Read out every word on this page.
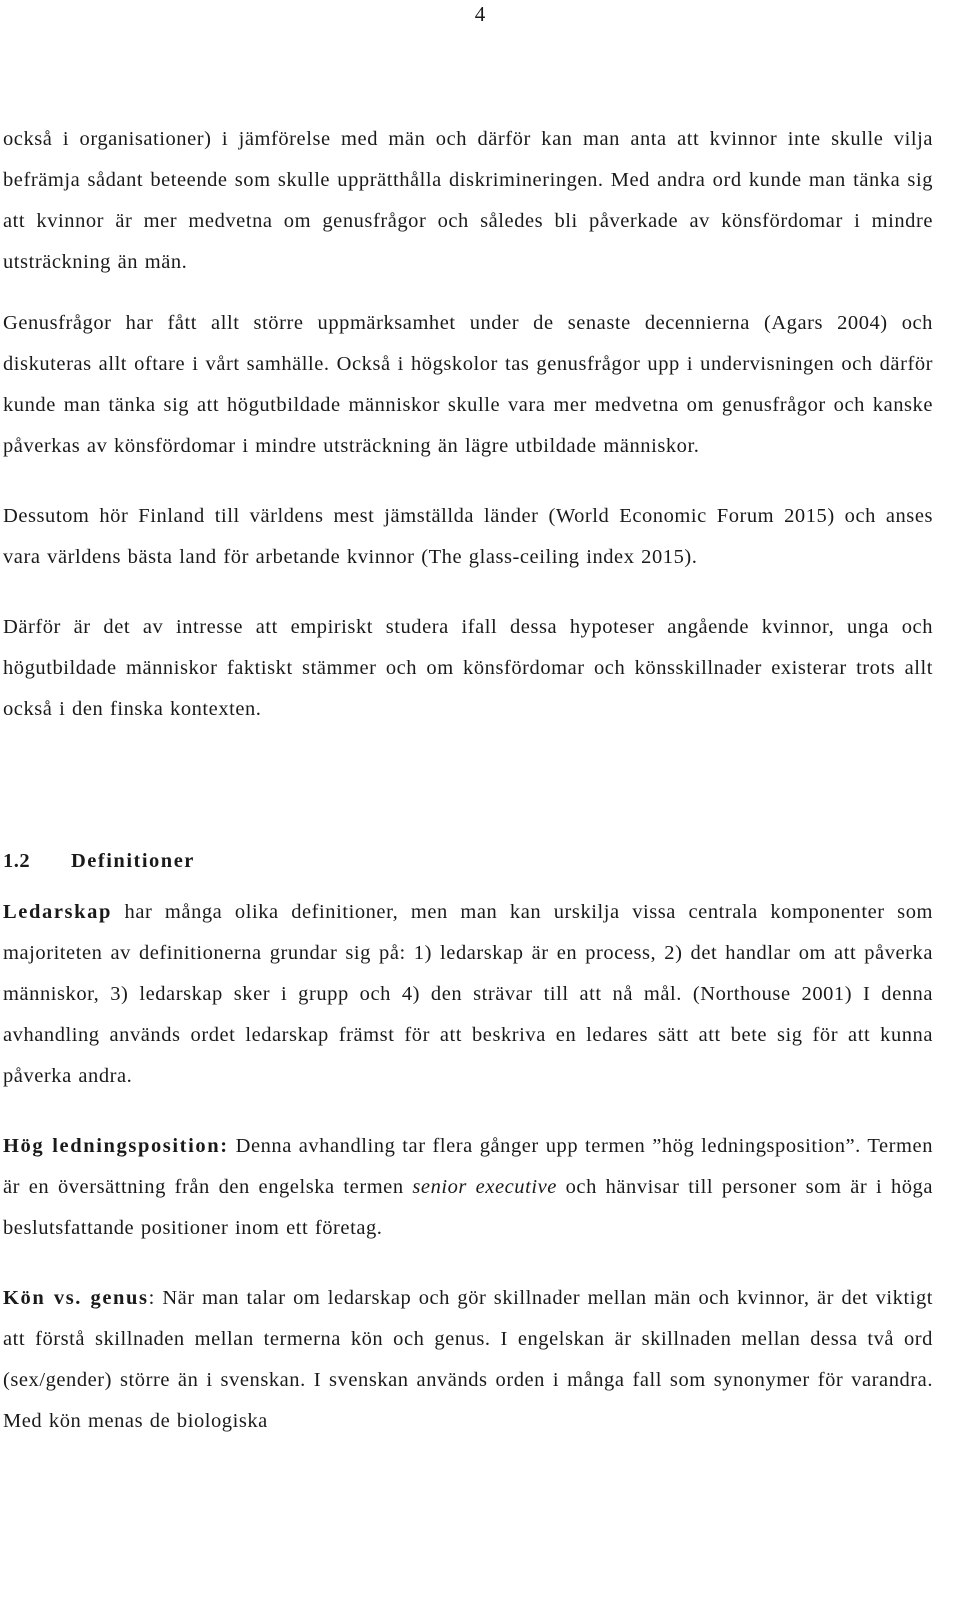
4

också i organisationer) i jämförelse med män och därför kan man anta att kvinnor inte skulle vilja befrämja sådant beteende som skulle upprätthålla diskrimineringen. Med andra ord kunde man tänka sig att kvinnor är mer medvetna om genusfrågor och således bli påverkade av könsfördomar i mindre utsträckning än män.

Genusfrågor har fått allt större uppmärksamhet under de senaste decennierna (Agars 2004) och diskuteras allt oftare i vårt samhälle. Också i högskolor tas genusfrågor upp i undervisningen och därför kunde man tänka sig att högutbildade människor skulle vara mer medvetna om genusfrågor och kanske påverkas av könsfördomar i mindre utsträckning än lägre utbildade människor.

Dessutom hör Finland till världens mest jämställda länder (World Economic Forum 2015) och anses vara världens bästa land för arbetande kvinnor (The glass-ceiling index 2015).

Därför är det av intresse att empiriskt studera ifall dessa hypoteser angående kvinnor, unga och högutbildade människor faktiskt stämmer och om könsfördomar och könsskillnader existerar trots allt också i den finska kontexten.

1.2 Definitioner

Ledarskap har många olika definitioner, men man kan urskilja vissa centrala komponenter som majoriteten av definitionerna grundar sig på: 1) ledarskap är en process, 2) det handlar om att påverka människor, 3) ledarskap sker i grupp och 4) den strävar till att nå mål. (Northouse 2001) I denna avhandling används ordet ledarskap främst för att beskriva en ledares sätt att bete sig för att kunna påverka andra.

Hög ledningsposition: Denna avhandling tar flera gånger upp termen ”hög ledningsposition”. Termen är en översättning från den engelska termen senior executive och hänvisar till personer som är i höga beslutsfattande positioner inom ett företag.

Kön vs. genus: När man talar om ledarskap och gör skillnader mellan män och kvinnor, är det viktigt att förstå skillnaden mellan termerna kön och genus. I engelskan är skillnaden mellan dessa två ord (sex/gender) större än i svenskan. I svenskan används orden i många fall som synonymer för varandra. Med kön menas de biologiska
